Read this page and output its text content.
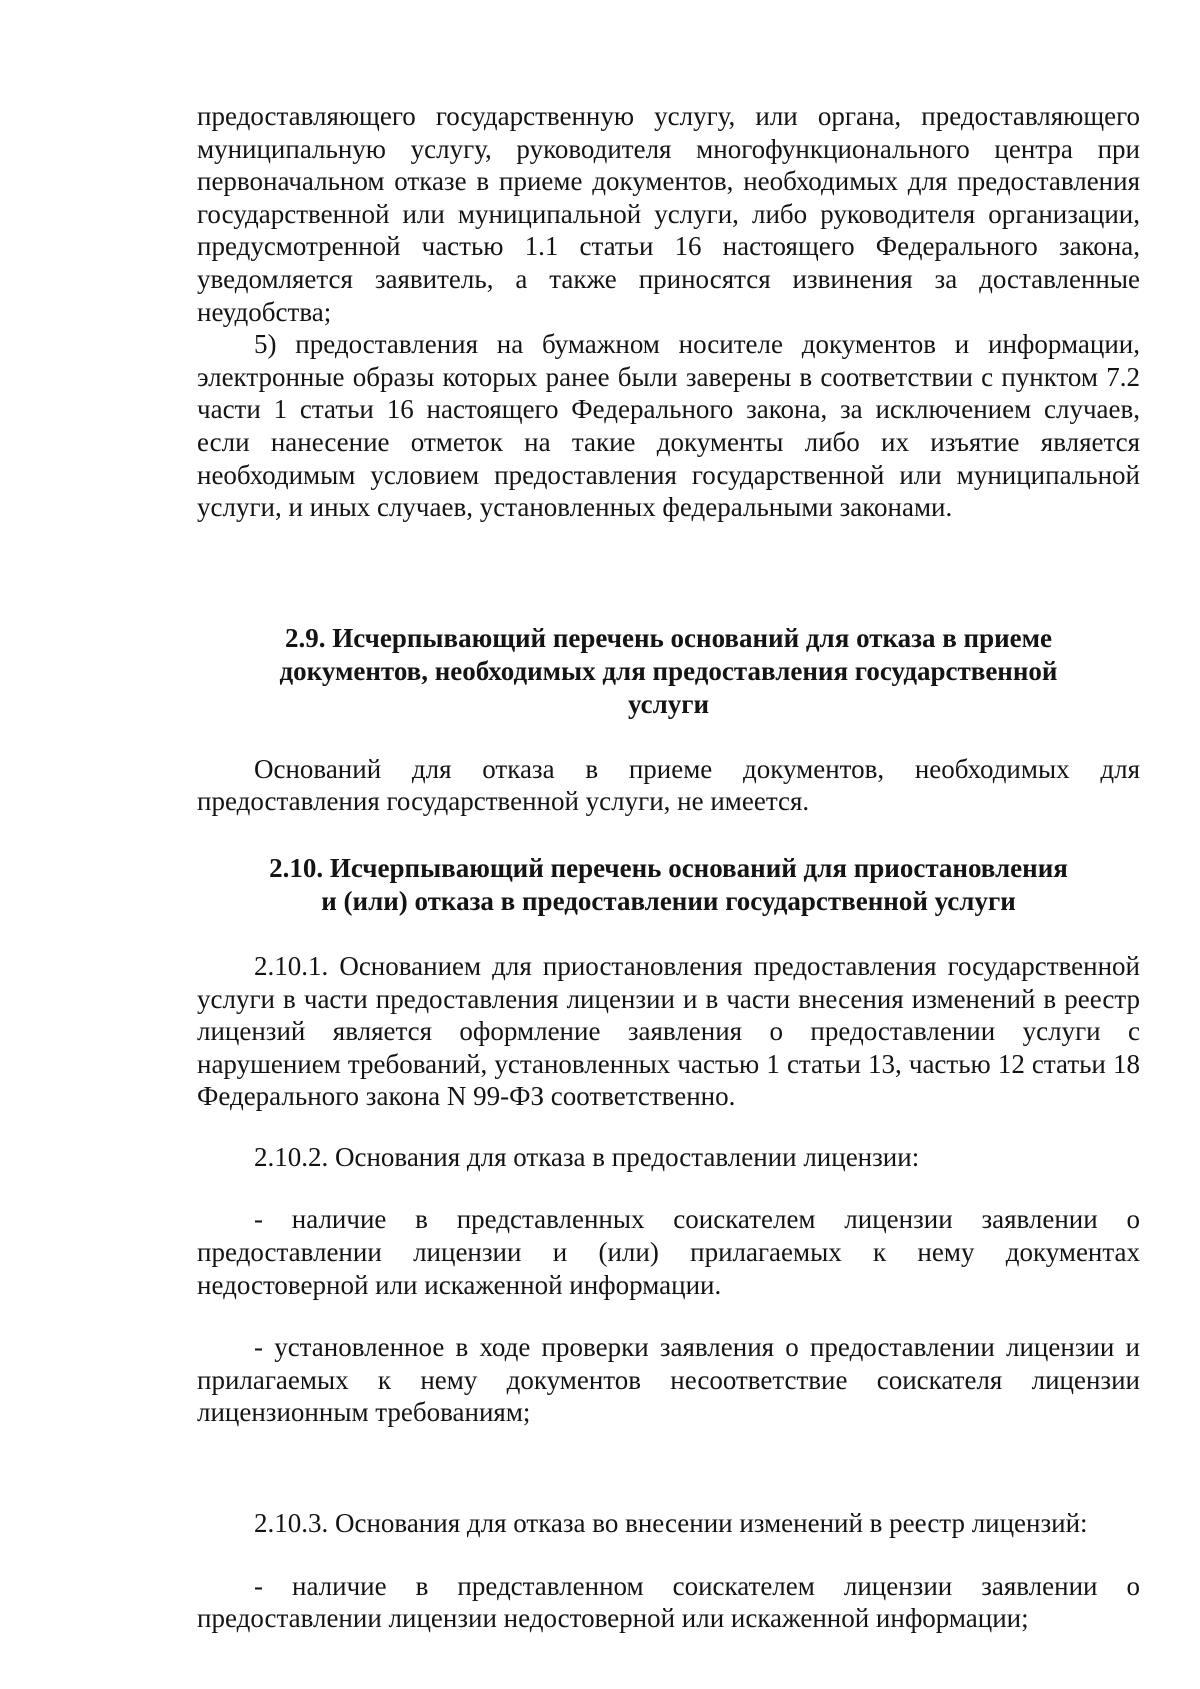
предоставляющего государственную услугу, или органа, предоставляющего муниципальную услугу, руководителя многофункционального центра при первоначальном отказе в приеме документов, необходимых для предоставления государственной или муниципальной услуги, либо руководителя организации, предусмотренной частью 1.1 статьи 16 настоящего Федерального закона, уведомляется заявитель, а также приносятся извинения за доставленные неудобства;

5) предоставления на бумажном носителе документов и информации, электронные образы которых ранее были заверены в соответствии с пунктом 7.2 части 1 статьи 16 настоящего Федерального закона, за исключением случаев, если нанесение отметок на такие документы либо их изъятие является необходимым условием предоставления государственной или муниципальной услуги, и иных случаев, установленных федеральными законами.

2.9. Исчерпывающий перечень оснований для отказа в приеме
документов, необходимых для предоставления государственной
услуги

Оснований для отказа в приеме документов, необходимых для предоставления государственной услуги, не имеется.

2.10. Исчерпывающий перечень оснований для приостановления
и (или) отказа в предоставлении государственной услуги

2.10.1. Основанием для приостановления предоставления государственной услуги в части предоставления лицензии и в части внесения изменений в реестр лицензий является оформление заявления о предоставлении услуги с нарушением требований, установленных частью 1 статьи 13, частью 12 статьи 18 Федерального закона N 99-ФЗ соответственно.

2.10.2. Основания для отказа в предоставлении лицензии:

- наличие в представленных соискателем лицензии заявлении о предоставлении лицензии и (или) прилагаемых к нему документах недостоверной или искаженной информации.

- установленное в ходе проверки заявления о предоставлении лицензии и прилагаемых к нему документов несоответствие соискателя лицензии лицензионным требованиям;

2.10.3. Основания для отказа во внесении изменений в реестр лицензий:

- наличие в представленном соискателем лицензии заявлении о предоставлении лицензии недостоверной или искаженной информации;
